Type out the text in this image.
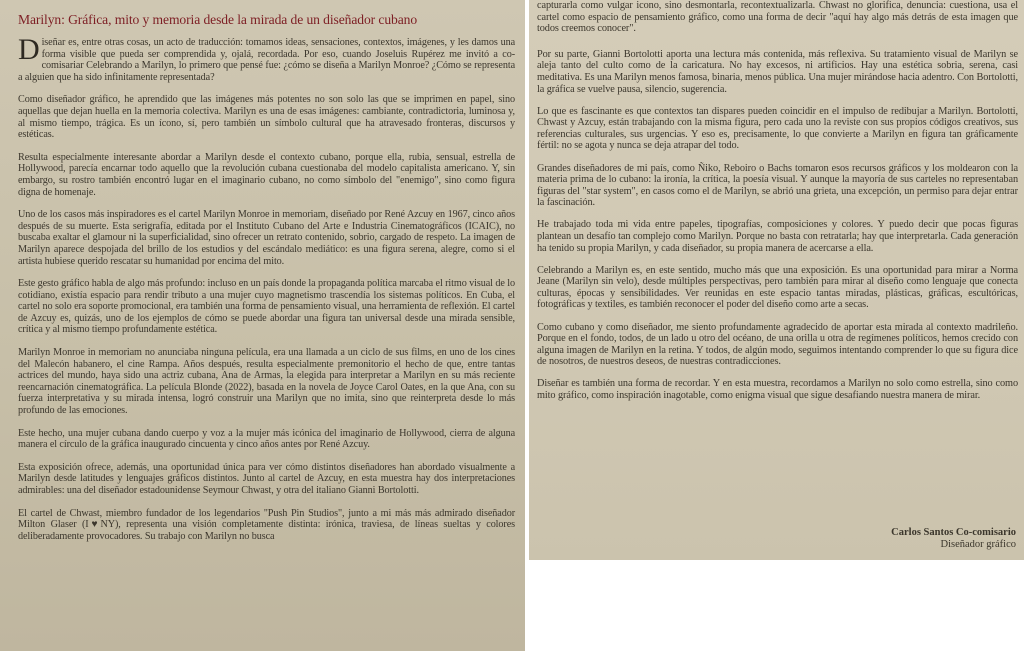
Marilyn: Gráfica, mito y memoria desde la mirada de un diseñador cubano

Diseñar es, entre otras cosas, un acto de traducción: tomamos ideas, sensaciones, contextos, imágenes, y les damos una forma visible que pueda ser comprendida y, ojalá, recordada. Por eso, cuando Joseluis Rupérez me invitó a co-comisariar Celebrando a Marilyn, lo primero que pensé fue: ¿cómo se diseña a Marilyn Monroe? ¿Cómo se representa a alguien que ha sido infinitamente representada?

Como diseñador gráfico, he aprendido que las imágenes más potentes no son solo las que se imprimen en papel, sino aquellas que dejan huella en la memoria colectiva. Marilyn es una de esas imágenes: cambiante, contradictoria, luminosa y, al mismo tiempo, trágica. Es un ícono, sí, pero también un símbolo cultural que ha atravesado fronteras, discursos y estéticas.

Resulta especialmente interesante abordar a Marilyn desde el contexto cubano, porque ella, rubia, sensual, estrella de Hollywood, parecía encarnar todo aquello que la revolución cubana cuestionaba del modelo capitalista americano. Y, sin embargo, su rostro también encontró lugar en el imaginario cubano, no como símbolo del "enemigo", sino como figura digna de homenaje.

Uno de los casos más inspiradores es el cartel Marilyn Monroe in memoriam, diseñado por René Azcuy en 1967, cinco años después de su muerte. Esta serigrafía, editada por el Instituto Cubano del Arte e Industria Cinematográficos (ICAIC), no buscaba exaltar el glamour ni la superficialidad, sino ofrecer un retrato contenido, sobrio, cargado de respeto. La imagen de Marilyn aparece despojada del brillo de los estudios y del escándalo mediático: es una figura serena, alegre, como si el artista hubiese querido rescatar su humanidad por encima del mito.

Este gesto gráfico habla de algo más profundo: incluso en un país donde la propaganda política marcaba el ritmo visual de lo cotidiano, existía espacio para rendir tributo a una mujer cuyo magnetismo trascendía los sistemas políticos. En Cuba, el cartel no solo era soporte promocional, era también una forma de pensamiento visual, una herramienta de reflexión. El cartel de Azcuy es, quizás, uno de los ejemplos de cómo se puede abordar una figura tan universal desde una mirada sensible, crítica y al mismo tiempo profundamente estética.

Marilyn Monroe in memoriam no anunciaba ninguna película, era una llamada a un ciclo de sus films, en uno de los cines del Malecón habanero, el cine Rampa. Años después, resulta especialmente premonitorio el hecho de que, entre tantas actrices del mundo, haya sido una actriz cubana, Ana de Armas, la elegida para interpretar a Marilyn en su más reciente reencarnación cinematográfica. La película Blonde (2022), basada en la novela de Joyce Carol Oates, en la que Ana, con su fuerza interpretativa y su mirada intensa, logró construir una Marilyn que no imita, sino que reinterpreta desde lo más profundo de las emociones.

Este hecho, una mujer cubana dando cuerpo y voz a la mujer más icónica del imaginario de Hollywood, cierra de alguna manera el círculo de la gráfica inaugurado cincuenta y cinco años antes por René Azcuy.

Esta exposición ofrece, además, una oportunidad única para ver cómo distintos diseñadores han abordado visualmente a Marilyn desde latitudes y lenguajes gráficos distintos. Junto al cartel de Azcuy, en esta muestra hay dos interpretaciones admirables: una del diseñador estadounidense Seymour Chwast, y otra del italiano Gianni Bortolotti.

El cartel de Chwast, miembro fundador de los legendarios "Push Pin Studios", junto a mi más más admirado diseñador Milton Glaser (I♥NY), representa una visión completamente distinta: irónica, traviesa, de líneas sueltas y colores deliberadamente provocadores. Su trabajo con Marilyn no busca

capturarla como vulgar icono, sino desmontarla, recontextualizarla. Chwast no glorifica, denuncia: cuestiona, usa el cartel como espacio de pensamiento gráfico, como una forma de decir "aquí hay algo más detrás de esta imagen que todos creemos conocer".

Por su parte, Gianni Bortolotti aporta una lectura más contenida, más reflexiva. Su tratamiento visual de Marilyn se aleja tanto del culto como de la caricatura. No hay excesos, ni artificios. Hay una estética sobria, serena, casi meditativa. Es una Marilyn menos famosa, binaria, menos pública. Una mujer mirándose hacia adentro. Con Bortolotti, la gráfica se vuelve pausa, silencio, sugerencia.

Lo que es fascinante es que contextos tan dispares pueden coincidir en el impulso de redibujar a Marilyn. Bortolotti, Chwast y Azcuy, están trabajando con la misma figura, pero cada uno la reviste con sus propios códigos creativos, sus referencias culturales, sus urgencias. Y eso es, precisamente, lo que convierte a Marilyn en figura tan gráficamente fértil: no se agota y nunca se deja atrapar del todo.

Grandes diseñadores de mi país, como Ñiko, Reboiro o Bachs tomaron esos recursos gráficos y los moldearon con la materia prima de lo cubano: la ironía, la crítica, la poesía visual. Y aunque la mayoría de sus carteles no representaban figuras del "star system", en casos como el de Marilyn, se abrió una grieta, una excepción, un permiso para dejar entrar la fascinación.

He trabajado toda mi vida entre papeles, tipografías, composiciones y colores. Y puedo decir que pocas figuras plantean un desafío tan complejo como Marilyn. Porque no basta con retratarla; hay que interpretarla. Cada generación ha tenido su propia Marilyn, y cada diseñador, su propia manera de acercarse a ella.

Celebrando a Marilyn es, en este sentido, mucho más que una exposición. Es una oportunidad para mirar a Norma Jeane (Marilyn sin velo), desde múltiples perspectivas, pero también para mirar al diseño como lenguaje que conecta culturas, épocas y sensibilidades. Ver reunidas en este espacio tantas miradas, plásticas, gráficas, escultóricas, fotográficas y textiles, es también reconocer el poder del diseño como arte a secas.

Como cubano y como diseñador, me siento profundamente agradecido de aportar esta mirada al contexto madrileño. Porque en el fondo, todos, de un lado u otro del océano, de una orilla u otra de regímenes políticos, hemos crecido con alguna imagen de Marilyn en la retina. Y todos, de algún modo, seguimos intentando comprender lo que su figura dice de nosotros, de nuestros deseos, de nuestras contradicciones.

Diseñar es también una forma de recordar. Y en esta muestra, recordamos a Marilyn no solo como estrella, sino como mito gráfico, como inspiración inagotable, como enigma visual que sigue desafiando nuestra manera de mirar.

Carlos Santos Co-comisario
Diseñador gráfico
